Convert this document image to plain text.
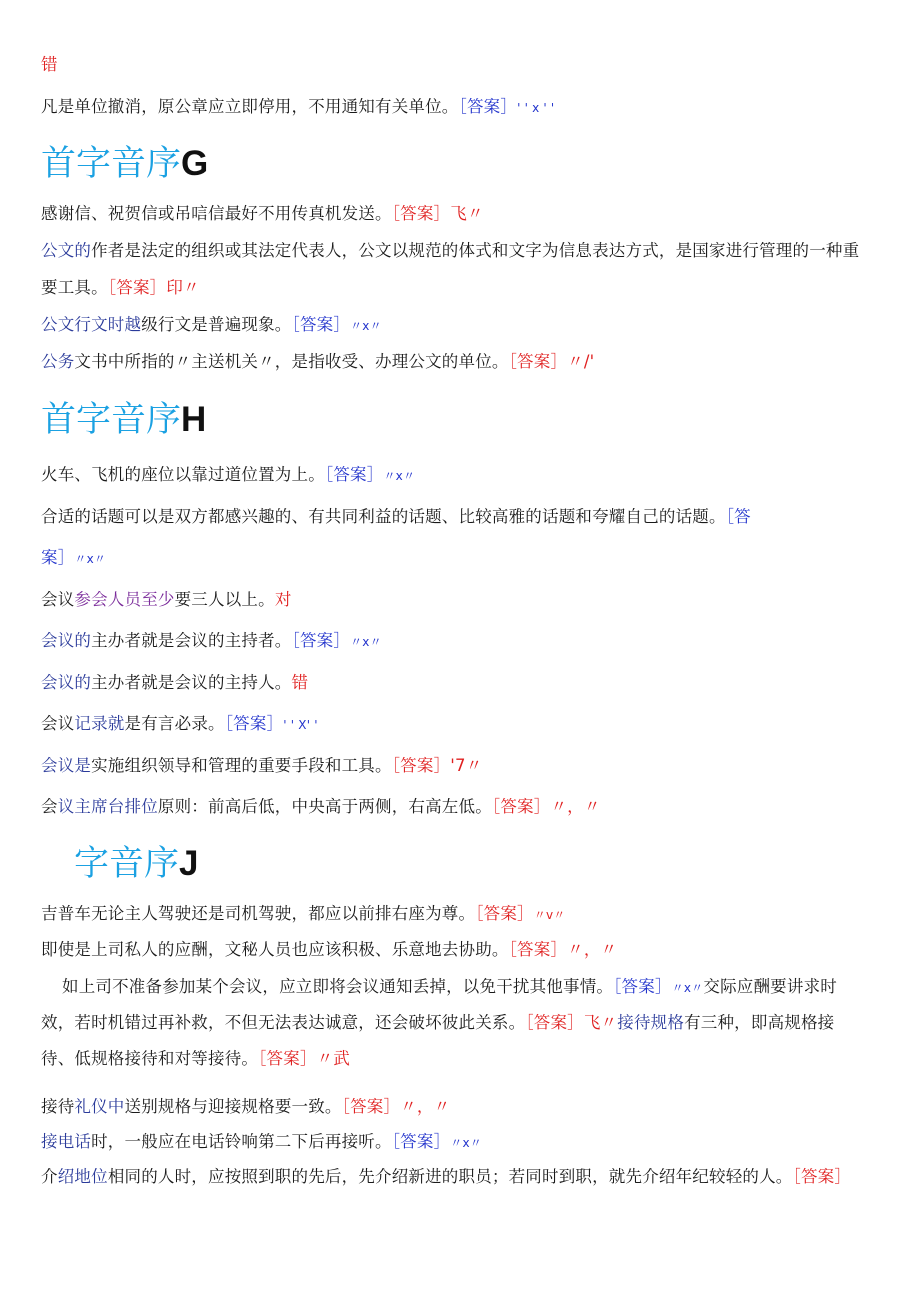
错
凡是单位撤消，原公章应立即停用，不用通知有关单位。［答案］' ' x ' '
首字音序G
感谢信、祝贺信或吊唁信最好不用传真机发送。［答案］飞〃
公文的作者是法定的组织或其法定代表人，公文以规范的体式和文字为信息表达方式，是国家进行管理的一种重
要工具。［答案］印〃
公文行文时越级行文是普遍现象。［答案］〃x〃
公务文书中所指的〃主送机关〃，是指收受、办理公文的单位。［答案］〃/'
首字音序H
火车、飞机的座位以靠过道位置为上。［答案］〃x〃
合适的话题可以是双方都感兴趣的、有共同利益的话题、比较高雅的话题和夸耀自己的话题。［答
案］〃x〃
会议参会人员至少要三人以上。对
会议的主办者就是会议的主持者。［答案］〃x〃
会议的主办者就是会议的主持人。错
会议记录就是有言必录。［答案］' ' X' '
会议是实施组织领导和管理的重要手段和工具。［答案］'7〃
会议主席台排位原则：前高后低，中央高于两侧，右高左低。［答案］〃，〃
字音序J
吉普车无论主人驾驶还是司机驾驶，都应以前排右座为尊。［答案］〃v〃
即使是上司私人的应酬，文秘人员也应该积极、乐意地去协助。［答案］〃，〃
如上司不准备参加某个会议，应立即将会议通知丢掉，以免干扰其他事情。［答案］〃x〃交际应酬要讲求时
效，若时机错过再补救，不但无法表达诚意，还会破坏彼此关系。［答案］飞〃接待规格有三种，即高规格接
待、低规格接待和对等接待。［答案］〃武
接待礼仪中送别规格与迎接规格要一致。［答案］〃，〃
接电话时，一般应在电话铃响第二下后再接听。［答案］〃x〃
介绍地位相同的人时，应按照到职的先后，先介绍新进的职员；若同时到职，就先介绍年纪较轻的人。［答案］
